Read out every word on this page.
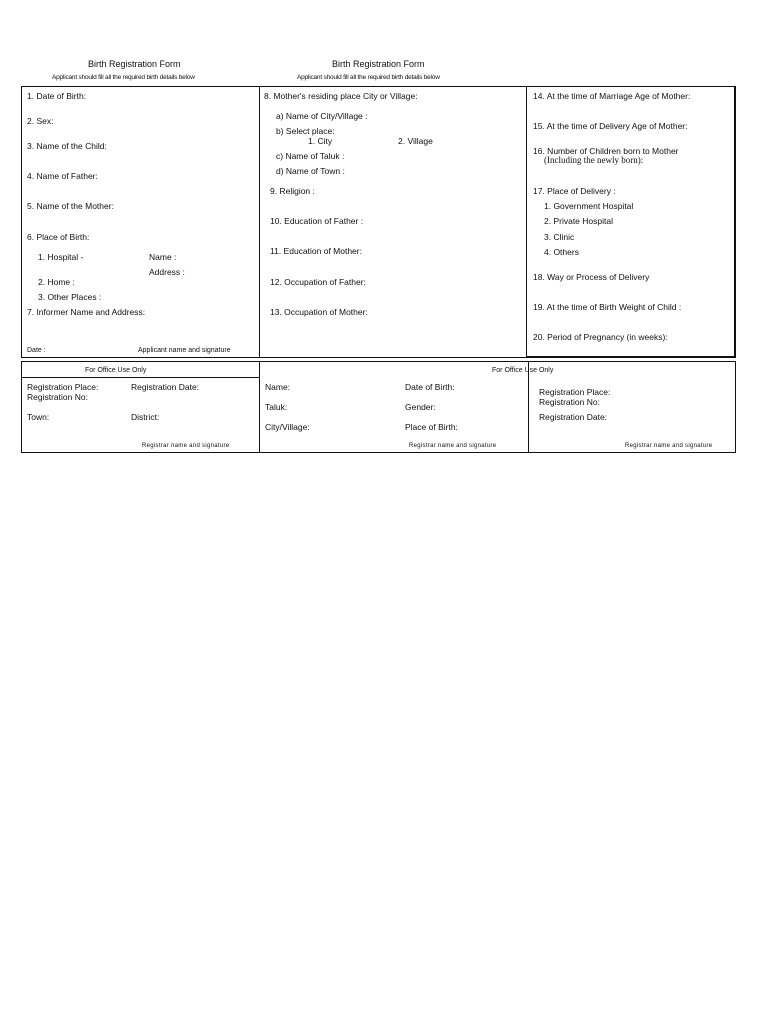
Birth Registration Form
Applicant should fill all the required birth details below
Birth Registration Form
Applicant should fill all the required birth details below
1. Date of Birth:
2. Sex:
3. Name of the Child:
4. Name of Father:
5. Name of the Mother:
6. Place of Birth:
1. Hospital -	Name :
Address :
2. Home :
3. Other Places :
7. Informer Name and Address:
Date :	Applicant name and signature
8. Mother's residing place City or Village:
a) Name of City/Village :
b) Select place:
1. City	2. Village
c) Name of Taluk :
d) Name of Town :
9. Religion :
10. Education of Father :
11. Education of Mother:
12. Occupation of Father:
13. Occupation of Mother:
14. At the time of Marriage Age of Mother:
15. At the time of Delivery Age of Mother:
16. Number of Children born to Mother
(Including the newly born):
17. Place of Delivery :
1. Government Hospital
2. Private Hospital
3. Clinic
4. Others
18. Way or Process of Delivery
19. At the time of Birth Weight of Child :
20. Period of Pregnancy (in weeks):
For Office Use Only
Registration Place:	Registration Date:
Registration No:
Town:	District:
Registrar name and signature
For Office Use Only
Name:	Date of Birth:
Taluk:	Gender:
City/Village:	Place of Birth:
Registrar name and signature
Registration Place:
Registration No:
Registration Date:
Registrar name and signature
